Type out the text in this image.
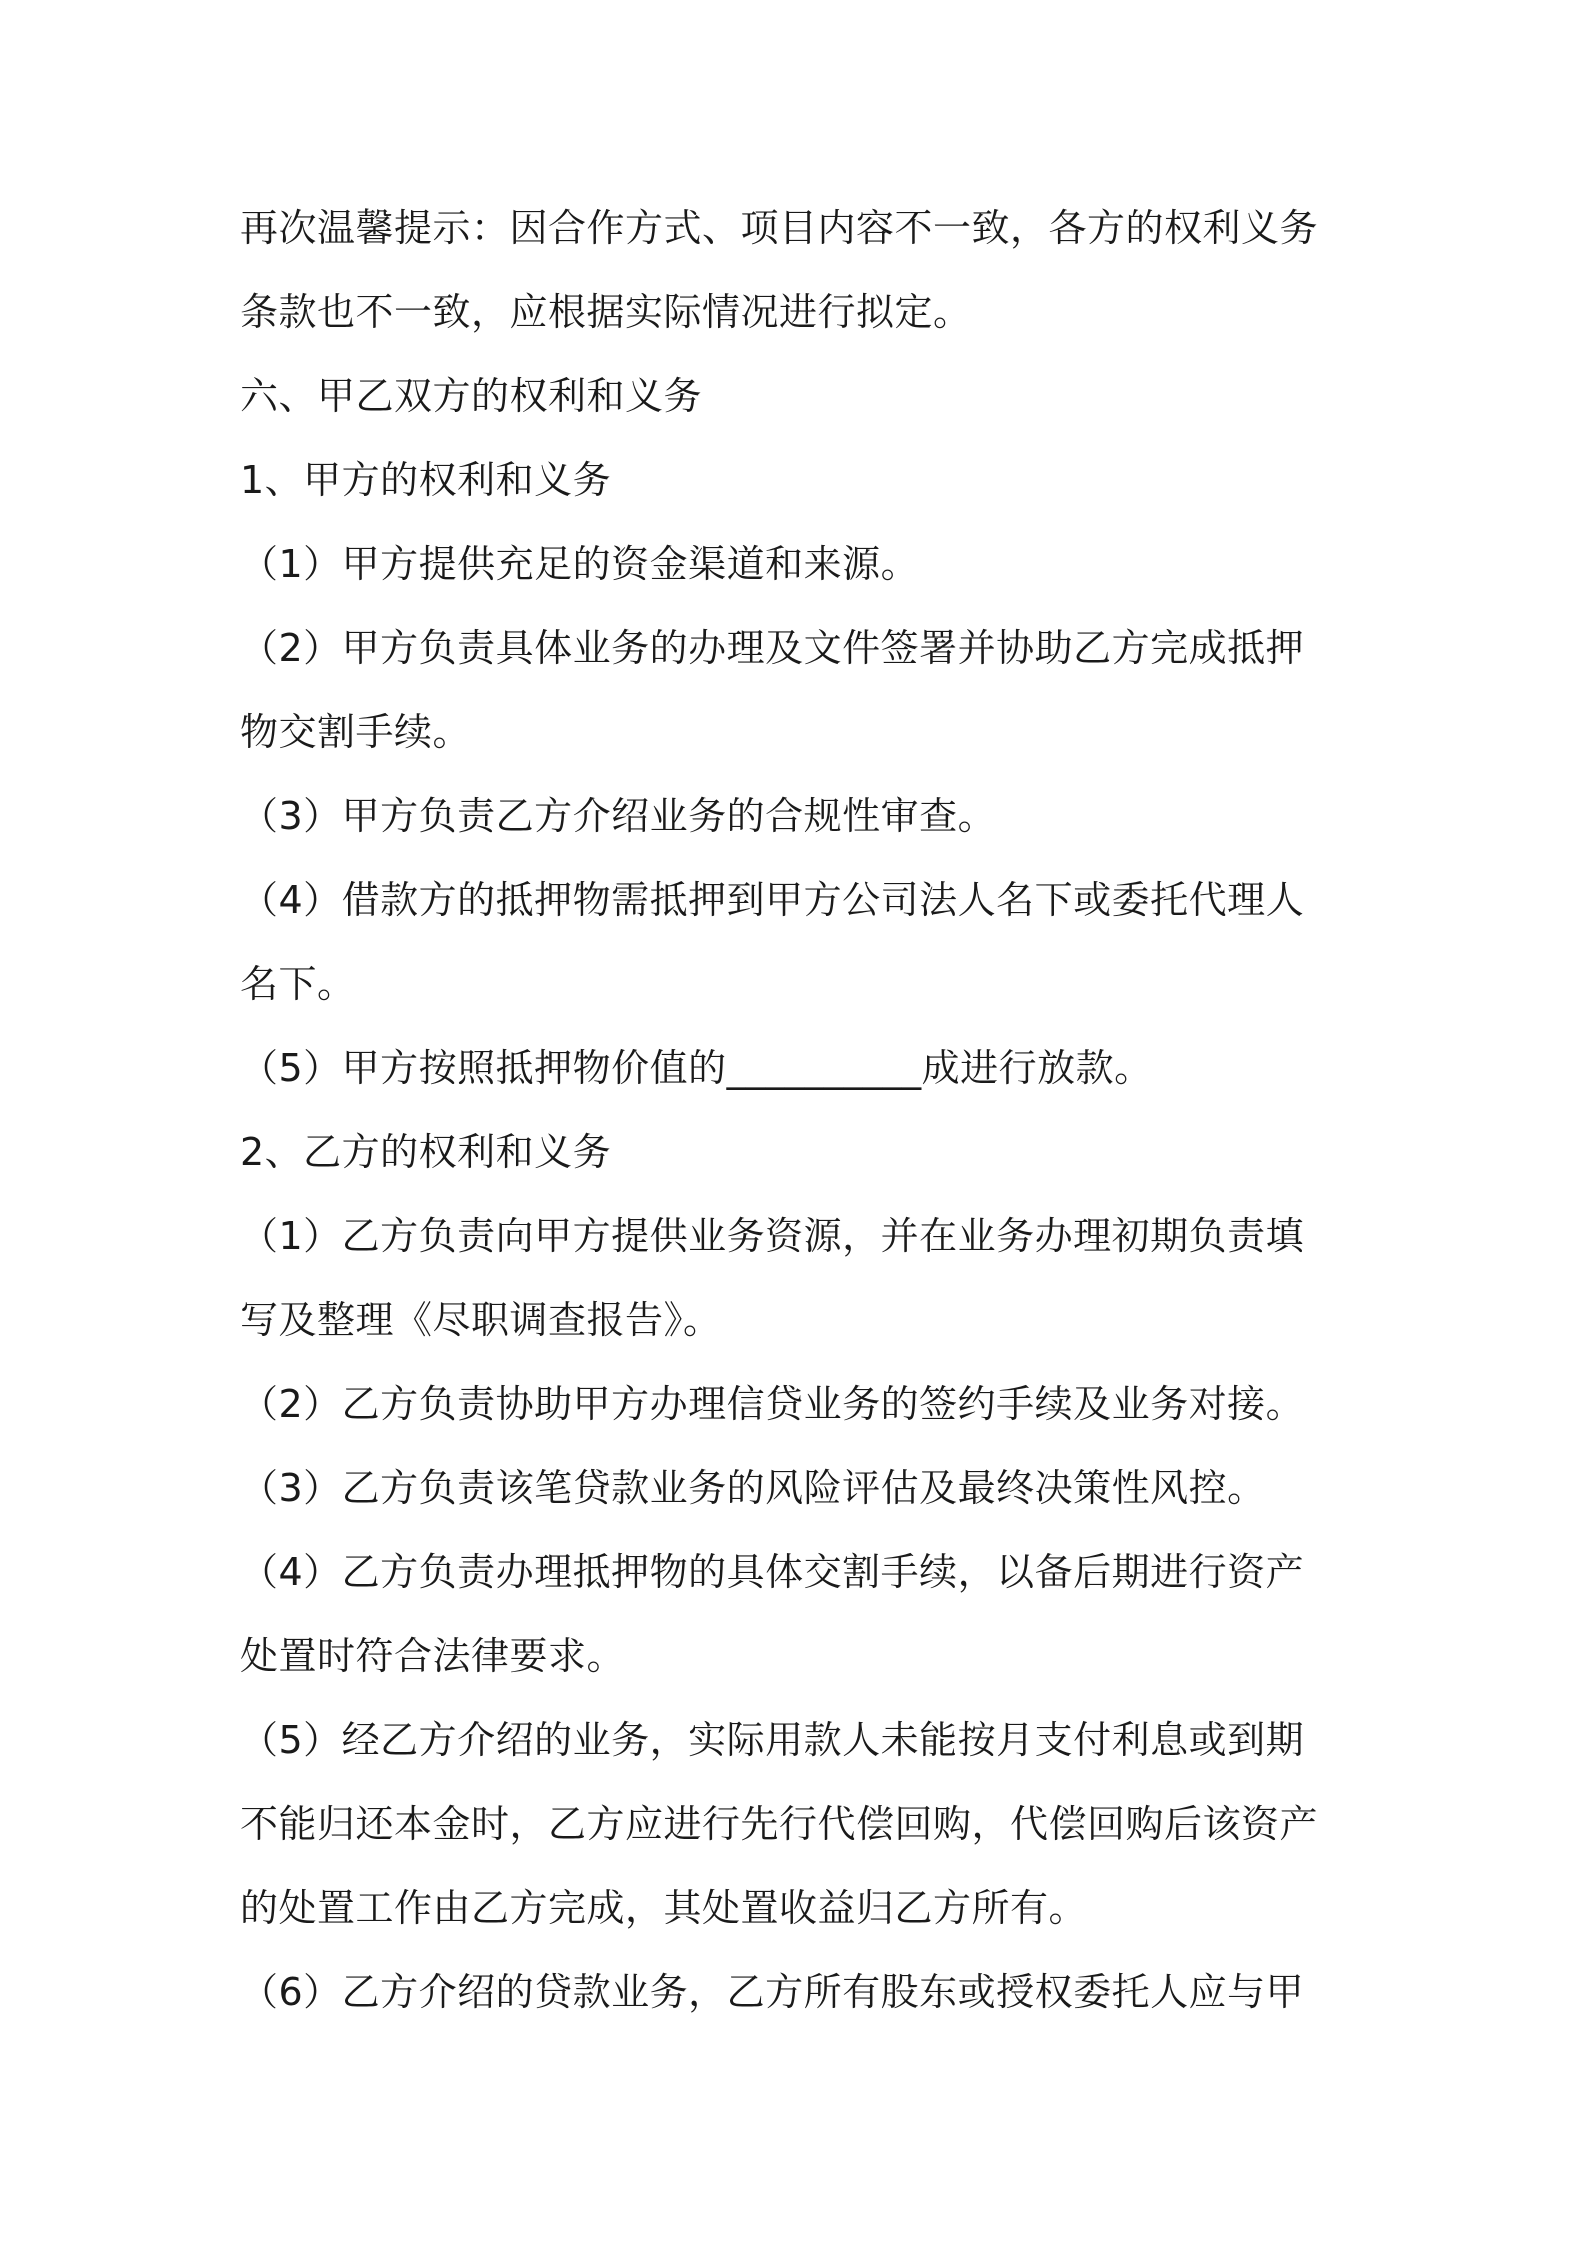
再次温馨提示：因合作方式、项目内容不一致，各方的权利义务
条款也不一致，应根据实际情况进行拟定。
六、甲乙双方的权利和义务
1、甲方的权利和义务
（1）甲方提供充足的资金渠道和来源。
（2）甲方负责具体业务的办理及文件签署并协助乙方完成抵押
物交割手续。
（3）甲方负责乙方介绍业务的合规性审查。
（4）借款方的抵押物需抵押到甲方公司法人名下或委托代理人
名下。
（5）甲方按照抵押物价值的__________成进行放款。
2、乙方的权利和义务
（1）乙方负责向甲方提供业务资源，并在业务办理初期负责填
写及整理《尽职调查报告》。
（2）乙方负责协助甲方办理信贷业务的签约手续及业务对接。
（3）乙方负责该笔贷款业务的风险评估及最终决策性风控。
（4）乙方负责办理抵押物的具体交割手续，以备后期进行资产
处置时符合法律要求。
（5）经乙方介绍的业务，实际用款人未能按月支付利息或到期
不能归还本金时，乙方应进行先行代偿回购，代偿回购后该资产
的处置工作由乙方完成，其处置收益归乙方所有。
（6）乙方介绍的贷款业务，乙方所有股东或授权委托人应与甲
